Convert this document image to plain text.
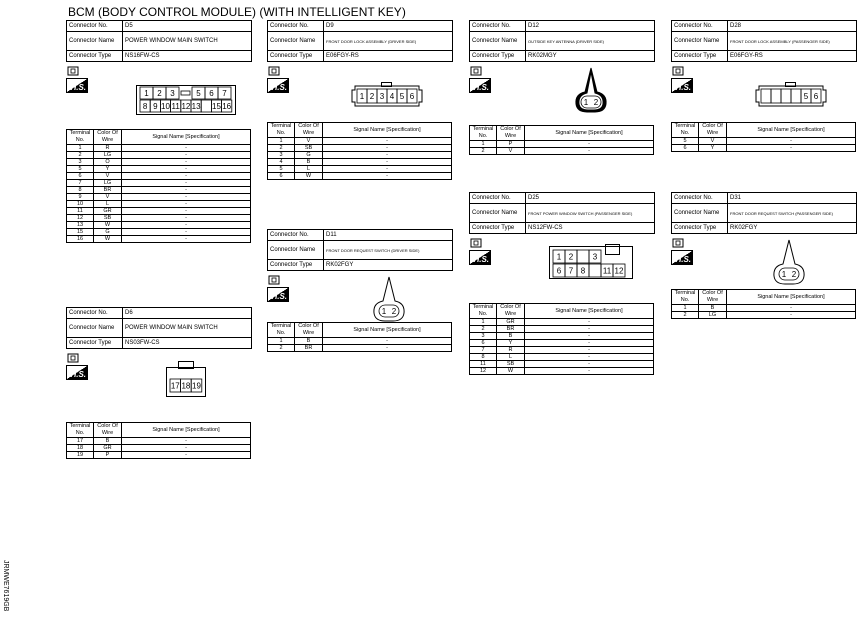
BCM (BODY CONTROL MODULE) (WITH INTELLIGENT KEY)
JRMWE7619GB
Connector No.	D5
Connector Name	POWER WINDOW MAIN SWITCH
Connector Type	NS16FW-CS
H.S.
1 2 3	5 6 7
8 9 10 11 12 13 15 16
Terminal No.	Color Of Wire	Signal Name [Specification]
1	R	-
2	LG	-
3	O	-
5	Y	-
6	V	-
7	LG	-
8	BR	-
9	V	-
10	L	-
11	GR	-
12	SB	-
13	W	-
15	G	-
16	W	-
Connector No.	D6
Connector Name	POWER WINDOW MAIN SWITCH
Connector Type	NS03FW-CS
H.S.
17 18 19
Terminal No.	Color Of Wire	Signal Name [Specification]
17	B	-
18	GR	-
19	P	-
Connector No.	D9
Connector Name	FRONT DOOR LOCK ASSEMBLY (DRIVER SIDE)
Connector Type	E06FGY-RS
H.S.
1 2 3 4 5 6
Terminal No.	Color Of Wire	Signal Name [Specification]
1	V	-
2	SB	-
3	G	-
4	B	-
5	L	-
6	W	-
Connector No.	D11
Connector Name	FRONT DOOR REQUEST SWITCH (DRIVER SIDE)
Connector Type	RK02FGY
H.S.
1 2
Terminal No.	Color Of Wire	Signal Name [Specification]
1	B	-
2	BR	-
Connector No.	D12
Connector Name	OUTSIDE KEY ANTENNA (DRIVER SIDE)
Connector Type	RK02MGY
H.S.
1 2
Terminal No.	Color Of Wire	Signal Name [Specification]
1	P	-
2	V	-
Connector No.	D25
Connector Name	FRONT POWER WINDOW SWITCH (PASSENGER SIDE)
Connector Type	NS12FW-CS
H.S.	1 2 3
6 7 8 11 12
Terminal No.	Color Of Wire	Signal Name [Specification]
1	GR	-
2	BR	-
3	B	-
6	Y	-
7	R	-
8	L	-
11	SB	-
12	W	-
Connector No.	D28
Connector Name	FRONT DOOR LOCK ASSEMBLY (PASSENGER SIDE)
Connector Type	E06FGY-RS
H.S.
5 6
Terminal No.	Color Of Wire	Signal Name [Specification]
5	V	-
6	Y	-
Connector No.	D31
Connector Name	FRONT DOOR REQUEST SWITCH (PASSENGER SIDE)
Connector Type	RK02FGY
H.S.
1 2
Terminal No.	Color Of Wire	Signal Name [Specification]
1	B	-
2	LG	-
